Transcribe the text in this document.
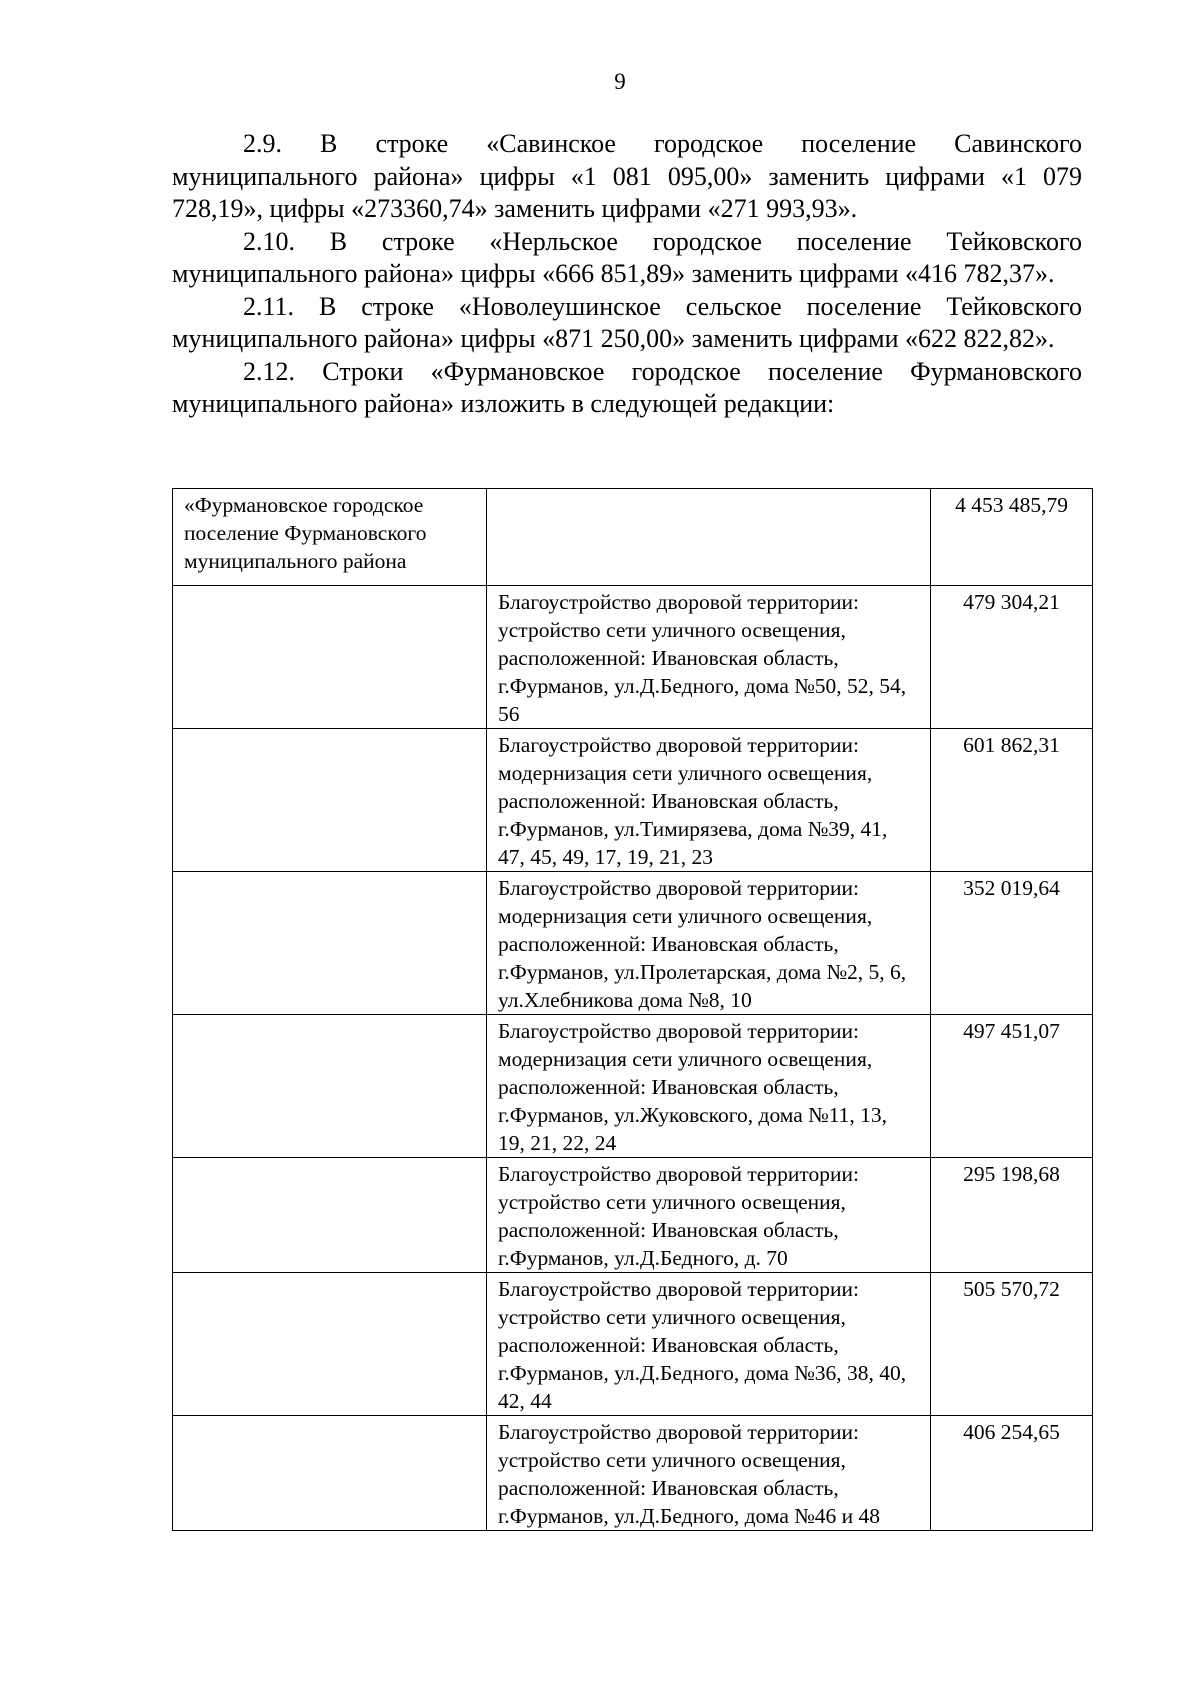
9

2.9. В строке «Савинское городское поселение Савинского муниципального района» цифры «1 081 095,00» заменить цифрами «1 079 728,19», цифры «273360,74» заменить цифрами «271 993,93».

2.10. В строке «Нерльское городское поселение Тейковского муниципального района» цифры «666 851,89» заменить цифрами «416 782,37».

2.11. В строке «Новолеушинское сельское поселение Тейковского муниципального района» цифры «871 250,00» заменить цифрами «622 822,82».

2.12. Строки «Фурмановское городское поселение Фурмановского муниципального района» изложить в следующей редакции:

«Фурмановское городское поселение Фурмановского муниципального района		4 453 485,79
	Благоустройство дворовой территории: устройство сети уличного освещения, расположенной: Ивановская область, г.Фурманов, ул.Д.Бедного, дома №50, 52, 54, 56	479 304,21
	Благоустройство дворовой территории: модернизация сети уличного освещения, расположенной: Ивановская область, г.Фурманов, ул.Тимирязева, дома №39, 41, 47, 45, 49, 17, 19, 21, 23	601 862,31
	Благоустройство дворовой территории: модернизация сети уличного освещения, расположенной: Ивановская область, г.Фурманов, ул.Пролетарская, дома №2, 5, 6, ул.Хлебникова дома №8, 10	352 019,64
	Благоустройство дворовой территории: модернизация сети уличного освещения, расположенной: Ивановская область, г.Фурманов, ул.Жуковского, дома №11, 13, 19, 21, 22, 24	497 451,07
	Благоустройство дворовой территории: устройство сети уличного освещения, расположенной: Ивановская область, г.Фурманов, ул.Д.Бедного, д. 70	295 198,68
	Благоустройство дворовой территории: устройство сети уличного освещения, расположенной: Ивановская область, г.Фурманов, ул.Д.Бедного, дома №36, 38, 40, 42, 44	505 570,72
	Благоустройство дворовой территории: устройство сети уличного освещения, расположенной: Ивановская область, г.Фурманов, ул.Д.Бедного, дома №46 и 48	406 254,65
